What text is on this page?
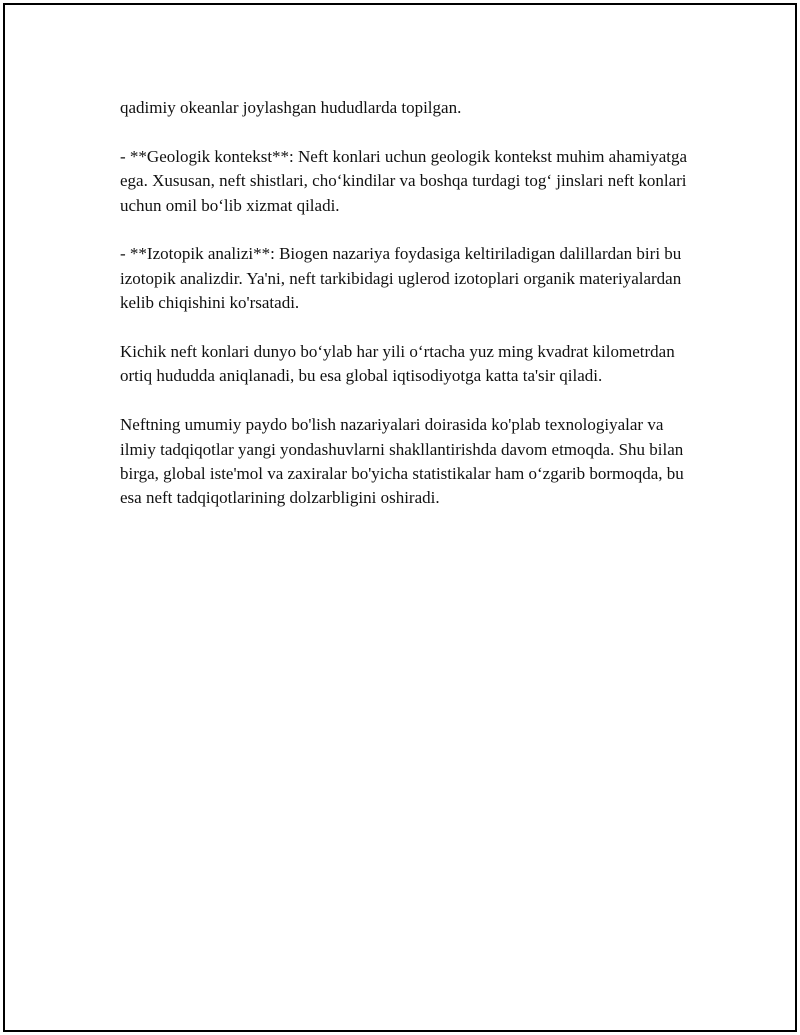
qadimiy okeanlar joylashgan hududlarda topilgan.

- **Geologik kontekst**: Neft konlari uchun geologik kontekst muhim ahamiyatga ega. Xususan, neft shistlari, cho‘kindilar va boshqa turdagi tog‘ jinslari neft konlari uchun omil bo‘lib xizmat qiladi.

- **Izotopik analizi**: Biogen nazariya foydasiga keltiriladigan dalillardan biri bu izotopik analizdir. Ya'ni, neft tarkibidagi uglerod izotoplari organik materiyalardan kelib chiqishini ko'rsatadi.

Kichik neft konlari dunyo bo‘ylab har yili o‘rtacha yuz ming kvadrat kilometrdan ortiq hududda aniqlanadi, bu esa global iqtisodiyotga katta ta'sir qiladi.

Neftning umumiy paydo bo'lish nazariyalari doirasida ko'plab texnologiyalar va ilmiy tadqiqotlar yangi yondashuvlarni shakllantirishda davom etmoqda. Shu bilan birga, global iste'mol va zaxiralar bo'yicha statistikalar ham o‘zgarib bormoqda, bu esa neft tadqiqotlarining dolzarbligini oshiradi.
